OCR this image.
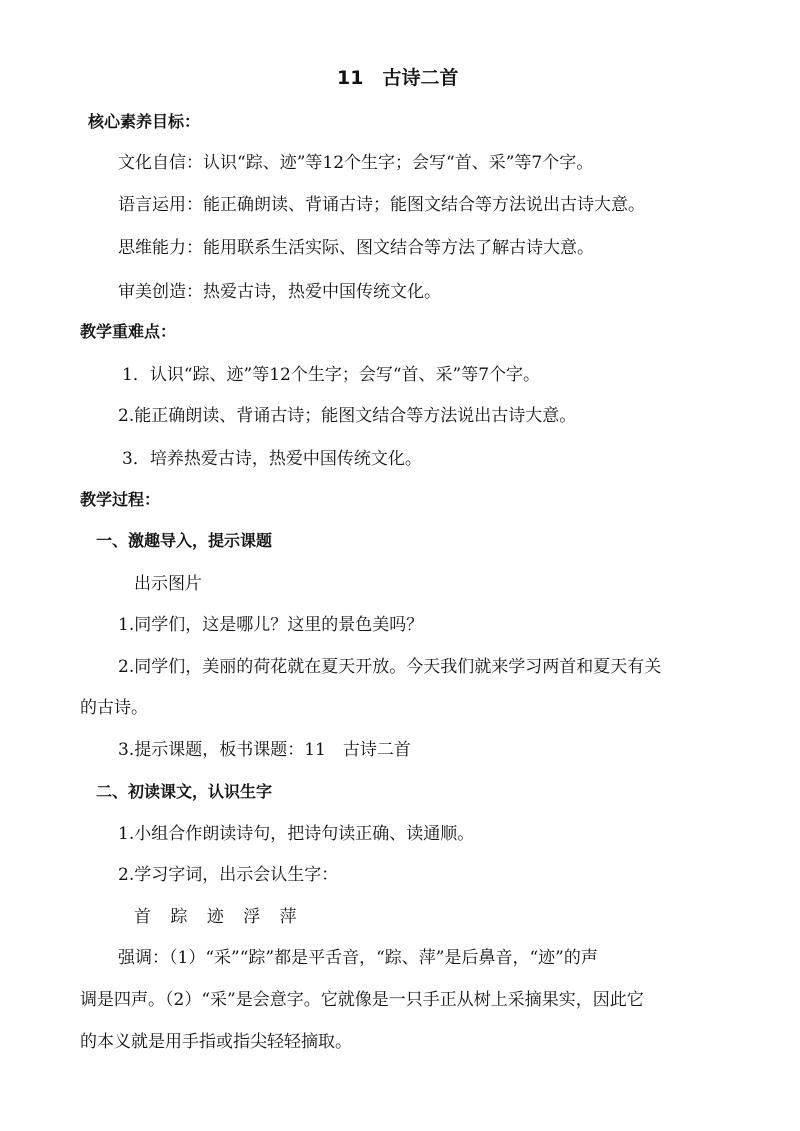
11　古诗二首
核心素养目标：
文化自信：认识“踪、迹”等12个生字；会写“首、采”等7个字。
语言运用：能正确朗读、背诵古诗；能图文结合等方法说出古诗大意。
思维能力：能用联系生活实际、图文结合等方法了解古诗大意。
审美创造：热爱古诗，热爱中国传统文化。
教学重难点：
1．认识“踪、迹”等12个生字；会写“首、采”等7个字。
2.能正确朗读、背诵古诗；能图文结合等方法说出古诗大意。
3．培养热爱古诗，热爱中国传统文化。
教学过程：
一、激趣导入，提示课题
出示图片
1.同学们，这是哪儿？这里的景色美吗？
2.同学们，美丽的荷花就在夏天开放。今天我们就来学习两首和夏天有关
的古诗。
3.提示课题，板书课题：11　古诗二首
二、初读课文，认识生字
1.小组合作朗读诗句，把诗句读正确、读通顺。
2.学习字词，出示会认生字：
首 踪 迹 浮 萍
强调：（1）“采”“踪”都是平舌音，“踪、萍”是后鼻音，“迹”的声
调是四声。（2）“采”是会意字。它就像是一只手正从树上采摘果实，因此它
的本义就是用手指或指尖轻轻摘取。
